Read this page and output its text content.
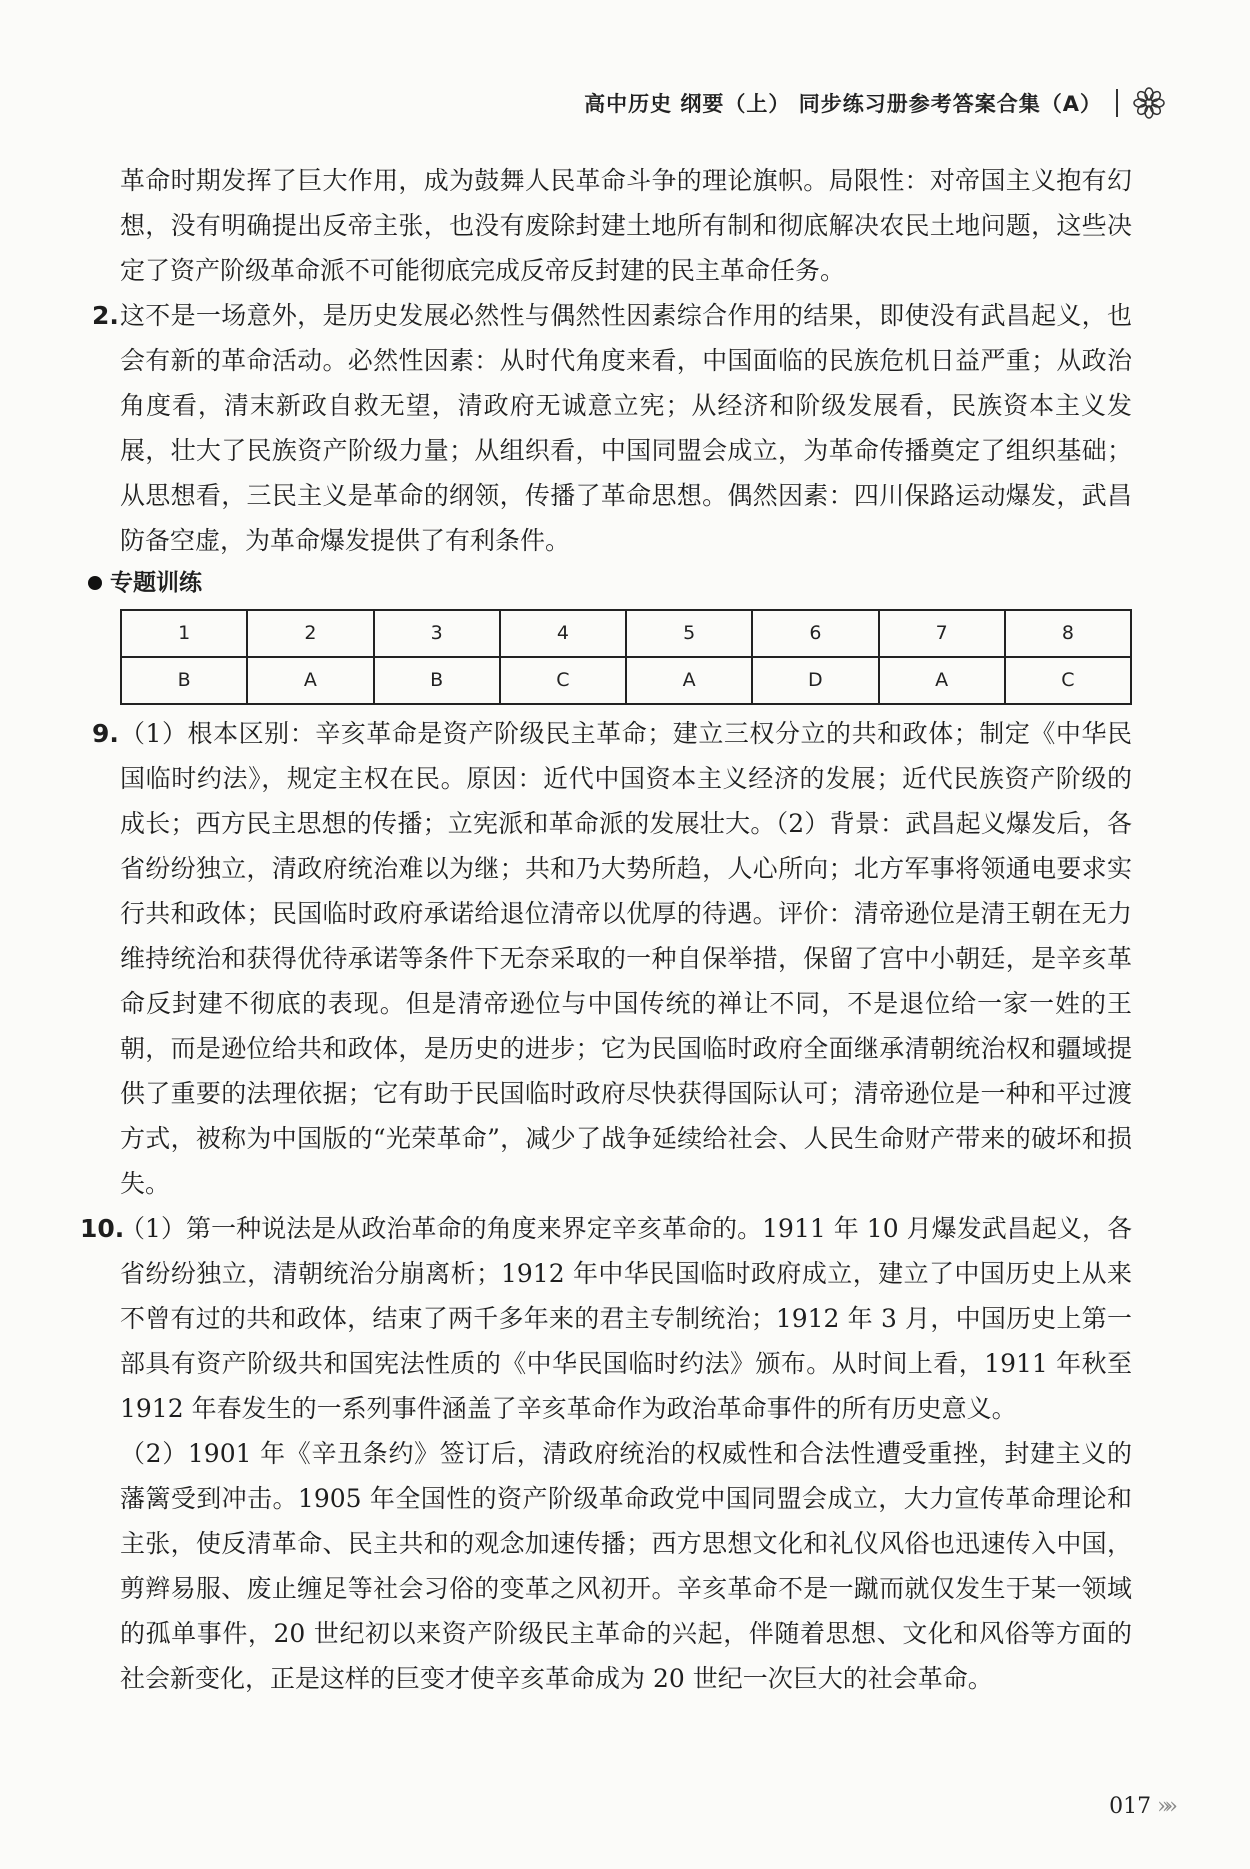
高中历史 纲要（上） 同步练习册参考答案合集（A）

革命时期发挥了巨大作用，成为鼓舞人民革命斗争的理论旗帜。局限性：对帝国主义抱有幻想，没有明确提出反帝主张，也没有废除封建土地所有制和彻底解决农民土地问题，这些决定了资产阶级革命派不可能彻底完成反帝反封建的民主革命任务。

2. 这不是一场意外，是历史发展必然性与偶然性因素综合作用的结果，即使没有武昌起义，也会有新的革命活动。必然性因素：从时代角度来看，中国面临的民族危机日益严重；从政治角度看，清末新政自救无望，清政府无诚意立宪；从经济和阶级发展看，民族资本主义发展，壮大了民族资产阶级力量；从组织看，中国同盟会成立，为革命传播奠定了组织基础；从思想看，三民主义是革命的纲领，传播了革命思想。偶然因素：四川保路运动爆发，武昌防备空虚，为革命爆发提供了有利条件。

专题训练
1	2	3	4	5	6	7	8
B	A	B	C	A	D	A	C
9. （1）根本区别：辛亥革命是资产阶级民主革命；建立三权分立的共和政体；制定《中华民国临时约法》，规定主权在民。原因：近代中国资本主义经济的发展；近代民族资产阶级的成长；西方民主思想的传播；立宪派和革命派的发展壮大。（2）背景：武昌起义爆发后，各省纷纷独立，清政府统治难以为继；共和乃大势所趋，人心所向；北方军事将领通电要求实行共和政体；民国临时政府承诺给退位清帝以优厚的待遇。评价：清帝逊位是清王朝在无力维持统治和获得优待承诺等条件下无奈采取的一种自保举措，保留了宫中小朝廷，是辛亥革命反封建不彻底的表现。但是清帝逊位与中国传统的禅让不同，不是退位给一家一姓的王朝，而是逊位给共和政体，是历史的进步；它为民国临时政府全面继承清朝统治权和疆域提供了重要的法理依据；它有助于民国临时政府尽快获得国际认可；清帝逊位是一种和平过渡方式，被称为中国版的“光荣革命”，减少了战争延续给社会、人民生命财产带来的破坏和损失。

10.

（1）第一种说法是从政治革命的角度来界定辛亥革命的。1911 年 10 月爆发武昌起义，各省纷纷独立，清朝统治分崩离析；1912 年中华民国临时政府成立，建立了中国历史上从来不曾有过的共和政体，结束了两千多年来的君主专制统治；1912 年 3 月，中国历史上第一部具有资产阶级共和国宪法性质的《中华民国临时约法》颁布。从时间上看，1911 年秋至 1912 年春发生的一系列事件涵盖了辛亥革命作为政治革命事件的所有历史意义。

（2）1901 年《辛丑条约》签订后，清政府统治的权威性和合法性遭受重挫，封建主义的藩篱受到冲击。1905 年全国性的资产阶级革命政党中国同盟会成立，大力宣传革命理论和主张，使反清革命、民主共和的观念加速传播；西方思想文化和礼仪风俗也迅速传入中国，剪辫易服、废止缠足等社会习俗的变革之风初开。辛亥革命不是一蹴而就仅发生于某一领域的孤单事件，20 世纪初以来资产阶级民主革命的兴起，伴随着思想、文化和风俗等方面的社会新变化，正是这样的巨变才使辛亥革命成为 20 世纪一次巨大的社会革命。

017 »»
